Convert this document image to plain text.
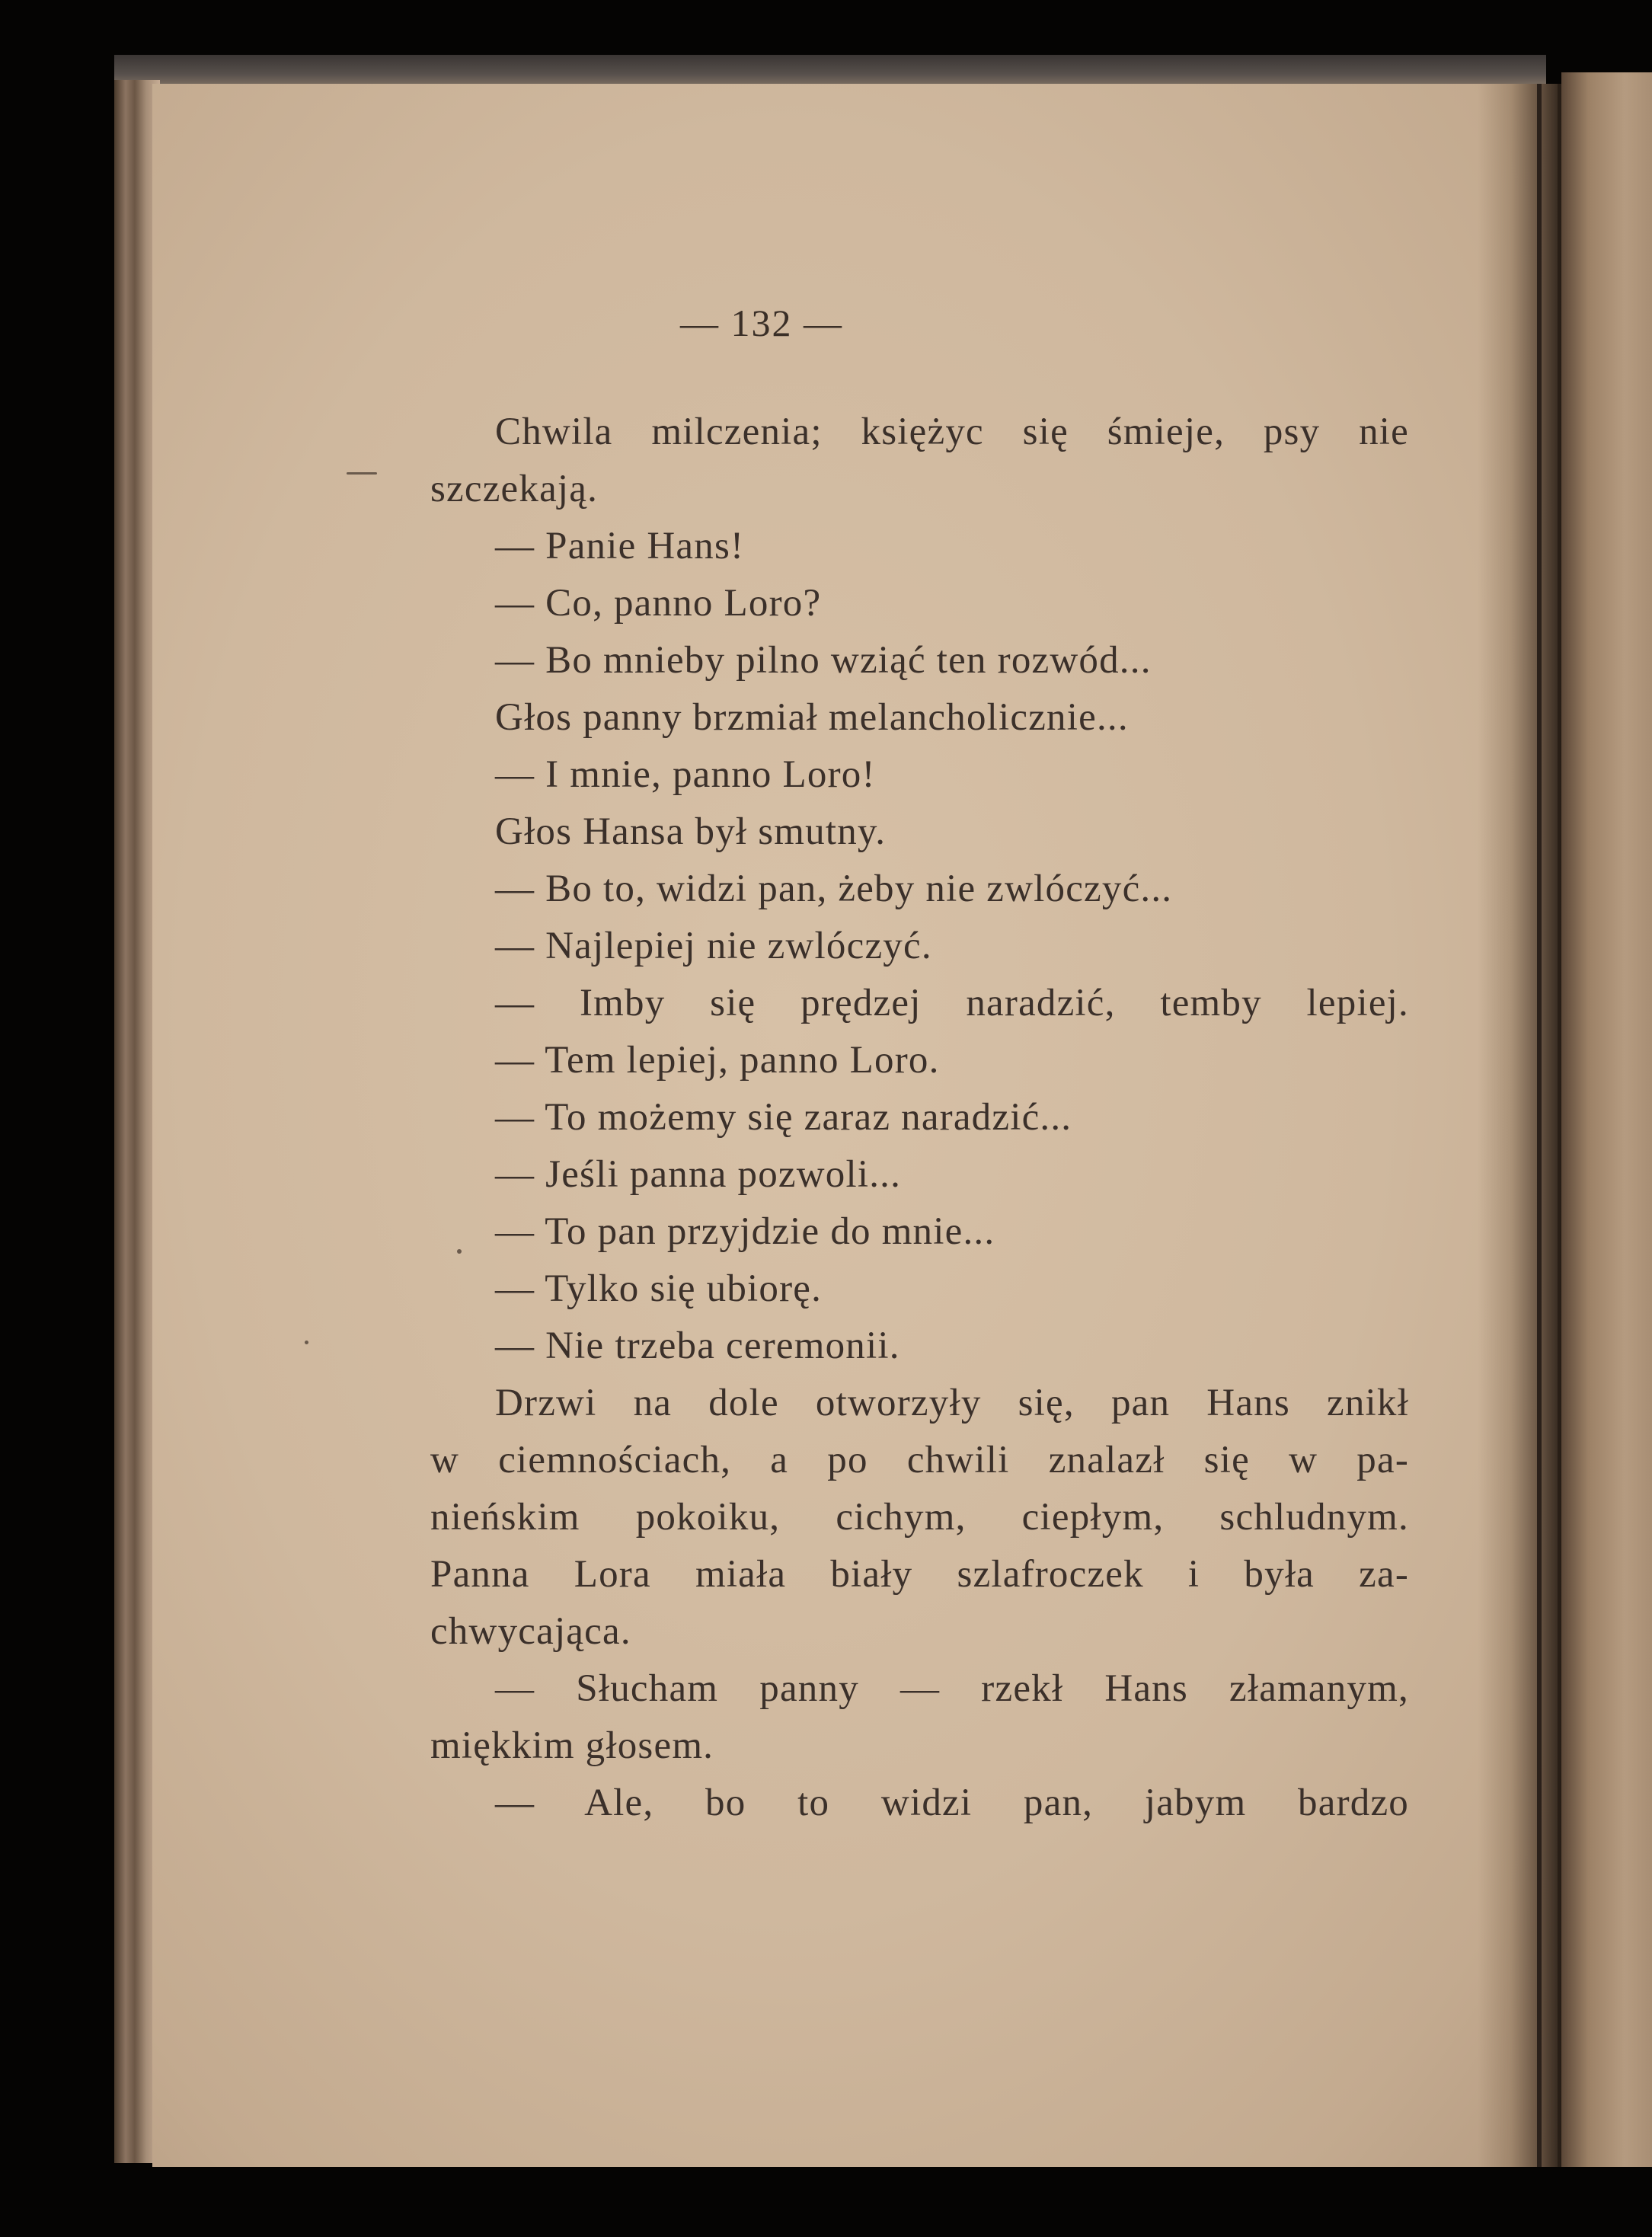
— 132 —
Chwila milczenia; księżyc się śmieje, psy nie
szczekają.
— Panie Hans!
— Co, panno Loro?
— Bo mnieby pilno wziąć ten rozwód...
Głos panny brzmiał melancholicznie...
— I mnie, panno Loro!
Głos Hansa był smutny.
— Bo to, widzi pan, żeby nie zwlóczyć...
— Najlepiej nie zwlóczyć.
— Imby się prędzej naradzić, temby lepiej.
— Tem lepiej, panno Loro.
— To możemy się zaraz naradzić...
— Jeśli panna pozwoli...
— To pan przyjdzie do mnie...
— Tylko się ubiorę.
— Nie trzeba ceremonii.
Drzwi na dole otworzyły się, pan Hans znikł
w ciemnościach, a po chwili znalazł się w pa-
nieńskim pokoiku, cichym, ciepłym, schludnym.
Panna Lora miała biały szlafroczek i była za-
chwycająca.
— Słucham panny — rzekł Hans złamanym,
miękkim głosem.
— Ale, bo to widzi pan, jabym bardzo
